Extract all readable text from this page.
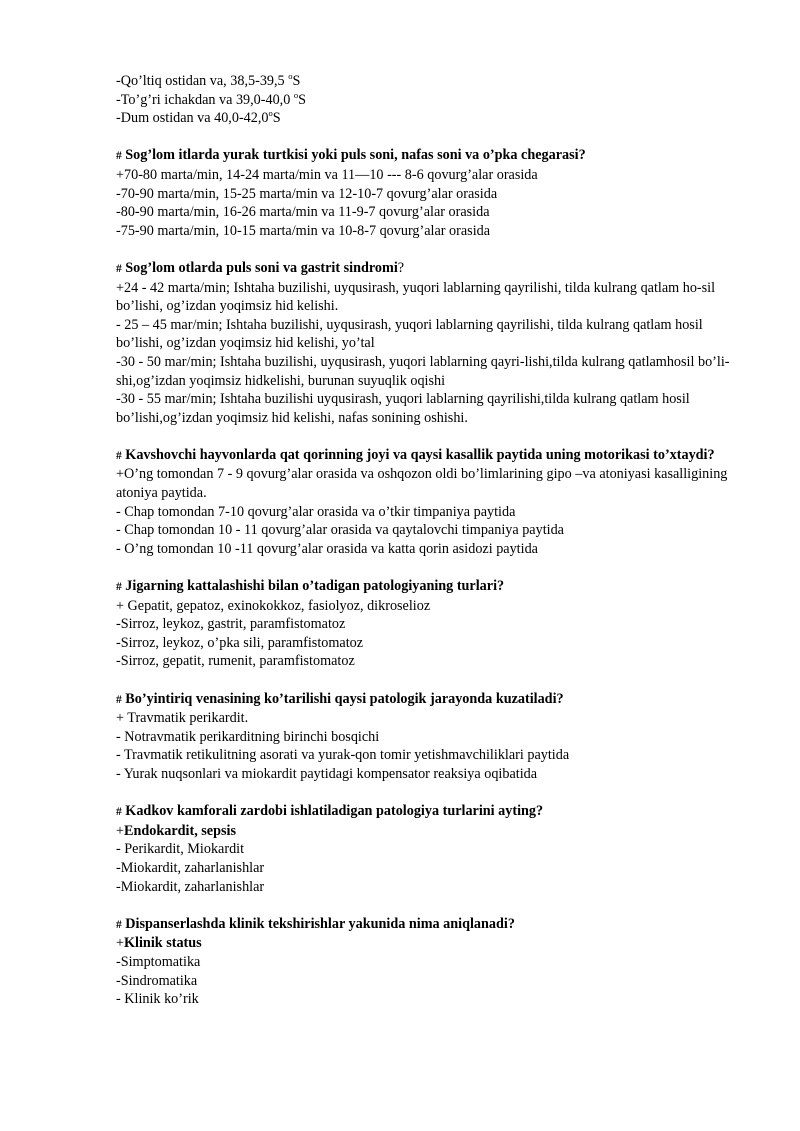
-Qo’ltiq ostidan va, 38,5-39,5 $^o$S
-To’g’ri ichakdan va 39,0-40,0 $^o$S
-Dum ostidan va 40,0-42,0$^o$S
# Sog’lom itlarda yurak turtkisi yoki puls soni, nafas soni va o’pka chegarasi?
+70-80 marta/min, 14-24 marta/min va 11—10 --- 8-6 qovurg’alar orasida
-70-90 marta/min, 15-25 marta/min va 12-10-7 qovurg’alar orasida
-80-90 marta/min, 16-26 marta/min va 11-9-7 qovurg’alar orasida
-75-90 marta/min, 10-15 marta/min va 10-8-7 qovurg’alar orasida
# Sog’lom otlarda puls soni va gastrit sindromi?
+24 - 42 marta/min; Ishtaha buzilishi, uyqusirash, yuqori lablarning qayrilishi, tilda kulrang qatlam ho-sil bo’lishi, og’izdan yoqimsiz hid kelishi.
- 25 – 45 mar/min; Ishtaha buzilishi, uyqusirash, yuqori lablarning qayrilishi, tilda kulrang qatlam hosil bo’lishi, og’izdan yoqimsiz hid kelishi, yo’tal
-30 - 50 mar/min; Ishtaha buzilishi, uyqusirash, yuqori lablarning qayri-lishi,tilda kulrang qatlamhosil bo’li-shi,og’izdan yoqimsiz hidkelishi, burunan suyuqlik oqishi
-30 - 55 mar/min; Ishtaha buzilishi uyqusirash, yuqori lablarning qayrilishi,tilda kulrang qatlam hosil bo’lishi,og’izdan yoqimsiz hid kelishi, nafas sonining oshishi.
# Kavshovchi hayvonlarda qat qorinning joyi va qaysi kasallik paytida uning motorikasi to’xtaydi?
+O’ng tomondan 7 - 9 qovurg’alar orasida va oshqozon oldi bo’limlarining gipo –va atoniyasi kasalligining atoniya paytida.
- Chap tomondan 7-10 qovurg’alar orasida va o’tkir timpaniya paytida
- Chap tomondan 10 - 11 qovurg’alar orasida va qaytalovchi timpaniya paytida
- O’ng tomondan 10 -11 qovurg’alar orasida va katta qorin asidozi paytida
# Jigarning kattalashishi bilan o’tadigan patologiyaning turlari?
+ Gepatit, gepatoz, exinokokkoz, fasiolyoz, dikroselioz
-Sirroz, leykoz, gastrit, paramfistomatoz
-Sirroz, leykoz, o’pka sili, paramfistomatoz
-Sirroz, gepatit, rumenit, paramfistomatoz
# Bo’yintiriq venasining ko’tarilishi qaysi patologik jarayonda kuzatiladi?
+ Travmatik perikardit.
- Notravmatik perikarditning birinchi bosqichi
- Travmatik retikulitning asorati va yurak-qon tomir yetishmavchiliklari paytida
- Yurak nuqsonlari va miokardit paytidagi kompensator reaksiya oqibatida
# Kadkov kamforali zardobi ishlatiladigan patologiya turlarini ayting?
+Endokardit, sepsis
- Perikardit, Miokardit
-Miokardit, zaharlanishlar
-Miokardit, zaharlanishlar
# Dispanserlashda klinik tekshirishlar yakunida nima aniqlanadi?
+Klinik status
-Simptomatika
-Sindromatika
- Klinik ko’rik
